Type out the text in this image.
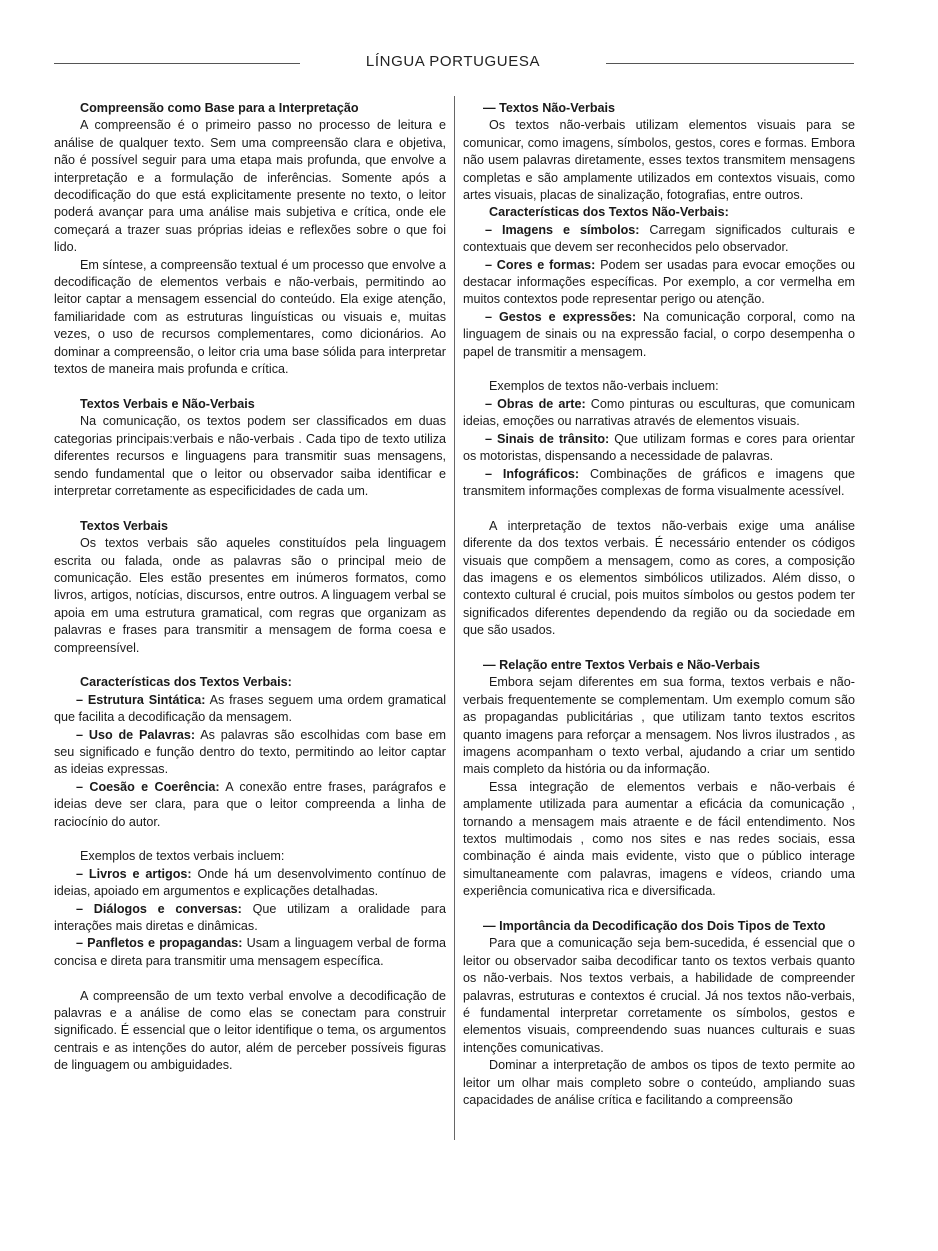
LÍNGUA PORTUGUESA
Compreensão como Base para a Interpretação

A compreensão é o primeiro passo no processo de leitura e análise de qualquer texto. Sem uma compreensão clara e objetiva, não é possível seguir para uma etapa mais profunda, que envolve a interpretação e a formulação de inferências. Somente após a decodificação do que está explicitamente presente no texto, o leitor poderá avançar para uma análise mais subjetiva e crítica, onde ele começará a trazer suas próprias ideias e reflexões sobre o que foi lido.

Em síntese, a compreensão textual é um processo que envolve a decodificação de elementos verbais e não-verbais, permitindo ao leitor captar a mensagem essencial do conteúdo. Ela exige atenção, familiaridade com as estruturas linguísticas ou visuais e, muitas vezes, o uso de recursos complementares, como dicionários. Ao dominar a compreensão, o leitor cria uma base sólida para interpretar textos de maneira mais profunda e crítica.

Textos Verbais e Não-Verbais

Na comunicação, os textos podem ser classificados em duas categorias principais:verbais e não-verbais . Cada tipo de texto utiliza diferentes recursos e linguagens para transmitir suas mensagens, sendo fundamental que o leitor ou observador saiba identificar e interpretar corretamente as especificidades de cada um.

Textos Verbais

Os textos verbais são aqueles constituídos pela linguagem escrita ou falada, onde as palavras são o principal meio de comunicação. Eles estão presentes em inúmeros formatos, como livros, artigos, notícias, discursos, entre outros. A linguagem verbal se apoia em uma estrutura gramatical, com regras que organizam as palavras e frases para transmitir a mensagem de forma coesa e compreensível.

Características dos Textos Verbais:
– Estrutura Sintática: As frases seguem uma ordem gramatical que facilita a decodificação da mensagem.
– Uso de Palavras: As palavras são escolhidas com base em seu significado e função dentro do texto, permitindo ao leitor captar as ideias expressas.
– Coesão e Coerência: A conexão entre frases, parágrafos e ideias deve ser clara, para que o leitor compreenda a linha de raciocínio do autor.
Exemplos de textos verbais incluem:
– Livros e artigos: Onde há um desenvolvimento contínuo de ideias, apoiado em argumentos e explicações detalhadas.
– Diálogos e conversas: Que utilizam a oralidade para interações mais diretas e dinâmicas.
– Panfletos e propagandas: Usam a linguagem verbal de forma concisa e direta para transmitir uma mensagem específica.

A compreensão de um texto verbal envolve a decodificação de palavras e a análise de como elas se conectam para construir significado. É essencial que o leitor identifique o tema, os argumentos centrais e as intenções do autor, além de perceber possíveis figuras de linguagem ou ambiguidades.

— Textos Não-Verbais

Os textos não-verbais utilizam elementos visuais para se comunicar, como imagens, símbolos, gestos, cores e formas. Embora não usem palavras diretamente, esses textos transmitem mensagens completas e são amplamente utilizados em contextos visuais, como artes visuais, placas de sinalização, fotografias, entre outros.

Características dos Textos Não-Verbais:
– Imagens e símbolos: Carregam significados culturais e contextuais que devem ser reconhecidos pelo observador.
– Cores e formas: Podem ser usadas para evocar emoções ou destacar informações específicas. Por exemplo, a cor vermelha em muitos contextos pode representar perigo ou atenção.
– Gestos e expressões: Na comunicação corporal, como na linguagem de sinais ou na expressão facial, o corpo desempenha o papel de transmitir a mensagem.
Exemplos de textos não-verbais incluem:
– Obras de arte: Como pinturas ou esculturas, que comunicam ideias, emoções ou narrativas através de elementos visuais.
– Sinais de trânsito: Que utilizam formas e cores para orientar os motoristas, dispensando a necessidade de palavras.
– Infográficos: Combinações de gráficos e imagens que transmitem informações complexas de forma visualmente acessível.

A interpretação de textos não-verbais exige uma análise diferente da dos textos verbais. É necessário entender os códigos visuais que compõem a mensagem, como as cores, a composição das imagens e os elementos simbólicos utilizados. Além disso, o contexto cultural é crucial, pois muitos símbolos ou gestos podem ter significados diferentes dependendo da região ou da sociedade em que são usados.

— Relação entre Textos Verbais e Não-Verbais

Embora sejam diferentes em sua forma, textos verbais e não-verbais frequentemente se complementam. Um exemplo comum são as propagandas publicitárias , que utilizam tanto textos escritos quanto imagens para reforçar a mensagem. Nos livros ilustrados , as imagens acompanham o texto verbal, ajudando a criar um sentido mais completo da história ou da informação.

Essa integração de elementos verbais e não-verbais é amplamente utilizada para aumentar a eficácia da comunicação , tornando a mensagem mais atraente e de fácil entendimento. Nos textos multimodais , como nos sites e nas redes sociais, essa combinação é ainda mais evidente, visto que o público interage simultaneamente com palavras, imagens e vídeos, criando uma experiência comunicativa rica e diversificada.

— Importância da Decodificação dos Dois Tipos de Texto

Para que a comunicação seja bem-sucedida, é essencial que o leitor ou observador saiba decodificar tanto os textos verbais quanto os não-verbais. Nos textos verbais, a habilidade de compreender palavras, estruturas e contextos é crucial. Já nos textos não-verbais, é fundamental interpretar corretamente os símbolos, gestos e elementos visuais, compreendendo suas nuances culturais e suas intenções comunicativas.

Dominar a interpretação de ambos os tipos de texto permite ao leitor um olhar mais completo sobre o conteúdo, ampliando suas capacidades de análise crítica e facilitando a compreensão
